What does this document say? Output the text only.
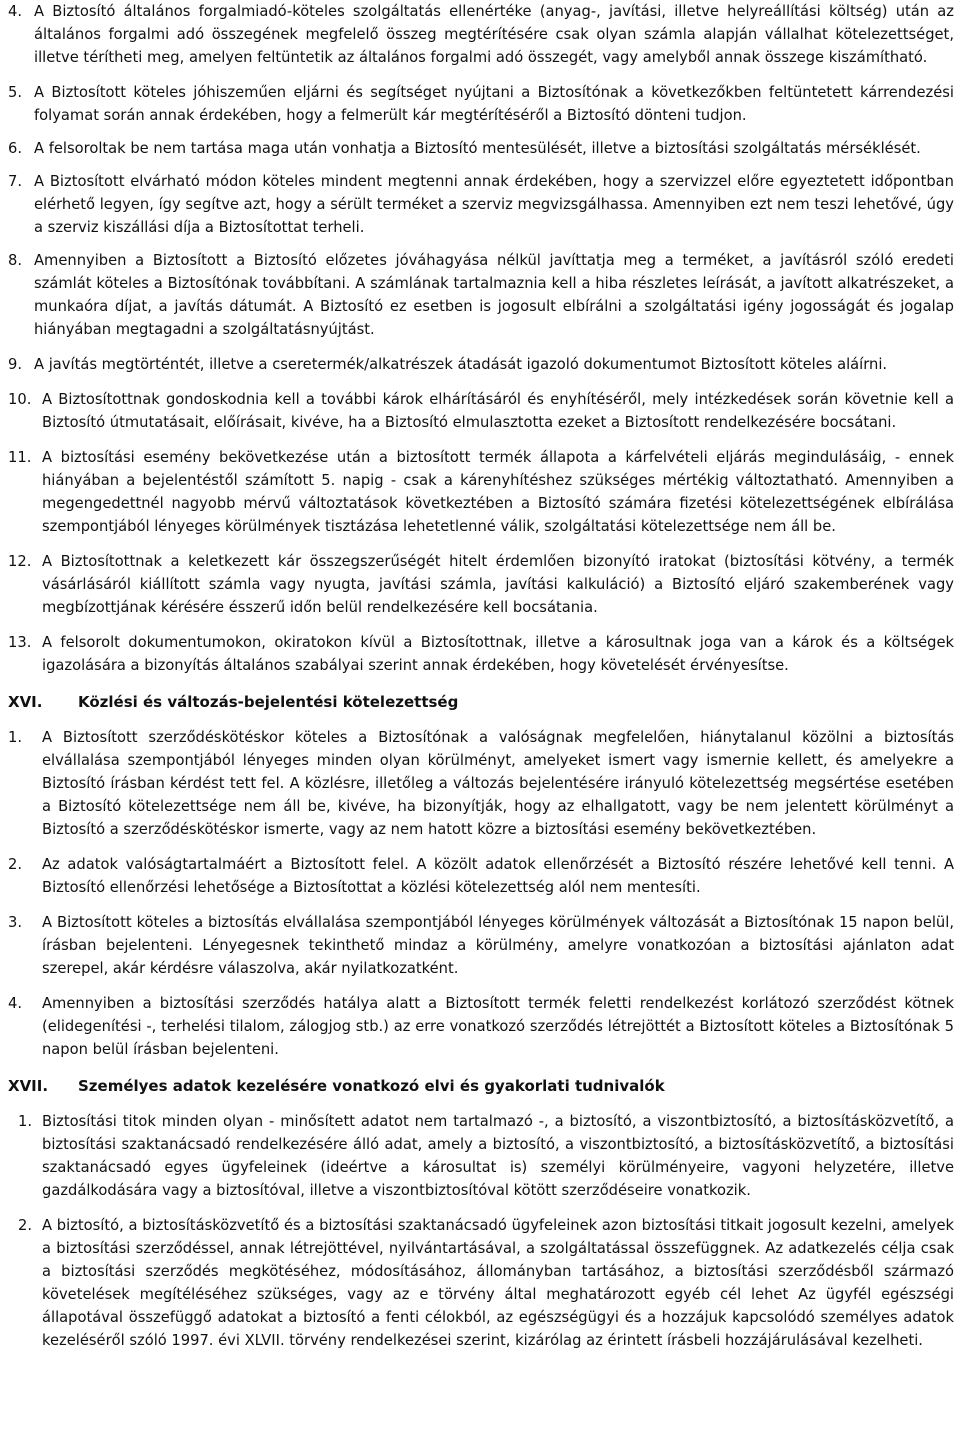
4. A Biztosító általános forgalmiadó-köteles szolgáltatás ellenértéke (anyag-, javítási, illetve helyreállítási költség) után az általános forgalmi adó összegének megfelelő összeg megtérítésére csak olyan számla alapján vállalhat kötelezettséget, illetve térítheti meg, amelyen feltüntetik az általános forgalmi adó összegét, vagy amelyből annak összege kiszámítható.
5. A Biztosított köteles jóhiszeműen eljárni és segítséget nyújtani a Biztosítónak a következőkben feltüntetett kárrendezési folyamat során annak érdekében, hogy a felmerült kár megtérítéséről a Biztosító dönteni tudjon.
6. A felsoroltak be nem tartása maga után vonhatja a Biztosító mentesülését, illetve a biztosítási szolgáltatás mérséklését.
7. A Biztosított elvárható módon köteles mindent megtenni annak érdekében, hogy a szervizzel előre egyeztetett időpontban elérhető legyen, így segítve azt, hogy a sérült terméket a szerviz megvizsgálhassa. Amennyiben ezt nem teszi lehetővé, úgy a szerviz kiszállási díja a Biztosítottat terheli.
8. Amennyiben a Biztosított a Biztosító előzetes jóváhagyása nélkül javíttatja meg a terméket, a javításról szóló eredeti számlát köteles a Biztosítónak továbbítani. A számlának tartalmaznia kell a hiba részletes leírását, a javított alkatrészeket, a munkaóra díjat, a javítás dátumát. A Biztosító ez esetben is jogosult elbírálni a szolgáltatási igény jogosságát és jogalap hiányában megtagadni a szolgáltatásnyújtást.
9. A javítás megtörténtét, illetve a cseretermék/alkatrészek átadását igazoló dokumentumot Biztosított köteles aláírni.
10. A Biztosítottnak gondoskodnia kell a további károk elhárításáról és enyhítéséről, mely intézkedések során követnie kell a Biztosító útmutatásait, előírásait, kivéve, ha a Biztosító elmulasztotta ezeket a Biztosított rendelkezésére bocsátani.
11. A biztosítási esemény bekövetkezése után a biztosított termék állapota a kárfelvételi eljárás megindulásáig, - ennek hiányában a bejelentéstől számított 5. napig - csak a kárenyhítéshez szükséges mértékig változtatható. Amennyiben a megengedettnél nagyobb mérvű változtatások következtében a Biztosító számára fizetési kötelezettségének elbírálása szempontjából lényeges körülmények tisztázása lehetetlenné válik, szolgáltatási kötelezettsége nem áll be.
12. A Biztosítottnak a keletkezett kár összegszerűségét hitelt érdemlően bizonyító iratokat (biztosítási kötvény, a termék vásárlásáról kiállított számla vagy nyugta, javítási számla, javítási kalkuláció) a Biztosító eljáró szakemberének vagy megbízottjának kérésére ésszerű időn belül rendelkezésére kell bocsátania.
13. A felsorolt dokumentumokon, okiratokon kívül a Biztosítottnak, illetve a károsultnak joga van a károk és a költségek igazolására a bizonyítás általános szabályai szerint annak érdekében, hogy követelését érvényesítse.
XVI.	Közlési és változás-bejelentési kötelezettség
1.	A Biztosított szerződéskötéskor köteles a Biztosítónak a valóságnak megfelelően, hiánytalanul közölni a biztosítás elvállalása szempontjából lényeges minden olyan körülményt, amelyeket ismert vagy ismernie kellett, és amelyekre a Biztosító írásban kérdést tett fel. A közlésre, illetőleg a változás bejelentésére irányuló kötelezettség megsértése esetében a Biztosító kötelezettsége nem áll be, kivéve, ha bizonyítják, hogy az elhallgatott, vagy be nem jelentett körülményt a Biztosító a szerződéskötéskor ismerte, vagy az nem hatott közre a biztosítási esemény bekövetkeztében.
2.	Az adatok valóságtartalmáért a Biztosított felel. A közölt adatok ellenőrzését a Biztosító részére lehetővé kell tenni. A Biztosító ellenőrzési lehetősége a Biztosítottat a közlési kötelezettség alól nem mentesíti.
3.	A Biztosított köteles a biztosítás elvállalása szempontjából lényeges körülmények változását a Biztosítónak 15 napon belül, írásban bejelenteni. Lényegesnek tekinthető mindaz a körülmény, amelyre vonatkozóan a biztosítási ajánlaton adat szerepel, akár kérdésre válaszolva, akár nyilatkozatként.
4.	Amennyiben a biztosítási szerződés hatálya alatt a Biztosított termék feletti rendelkezést korlátozó szerződést kötnek (elidegenítési -, terhelési tilalom, zálogjog stb.) az erre vonatkozó szerződés létrejöttét a Biztosított köteles a Biztosítónak 5 napon belül írásban bejelenteni.
XVII.	Személyes adatok kezelésére vonatkozó elvi és gyakorlati tudnivalók
1. Biztosítási titok minden olyan - minősített adatot nem tartalmazó -, a biztosító, a viszontbiztosító, a biztosításközvetítő, a biztosítási szaktanácsadó rendelkezésére álló adat, amely a biztosító, a viszontbiztosító, a biztosításközvetítő, a biztosítási szaktanácsadó egyes ügyfeleinek (ideértve a károsultat is) személyi körülményeire, vagyoni helyzetére, illetve gazdálkodására vagy a biztosítóval, illetve a viszontbiztosítóval kötött szerződéseire vonatkozik.
2. A biztosító, a biztosításközvetítő és a biztosítási szaktanácsadó ügyfeleinek azon biztosítási titkait jogosult kezelni, amelyek a biztosítási szerződéssel, annak létrejöttével, nyilvántartásával, a szolgáltatással összefüggnek. Az adatkezelés célja csak a biztosítási szerződés megkötéséhez, módosításához, állományban tartásához, a biztosítási szerződésből származó követelések megítéléséhez szükséges, vagy az e törvény által meghatározott egyéb cél lehet Az ügyfél egészségi állapotával összefüggő adatokat a biztosító a fenti célokból, az egészségügyi és a hozzájuk kapcsolódó személyes adatok kezeléséről szóló 1997. évi XLVII. törvény rendelkezései szerint, kizárólag az érintett írásbeli hozzájárulásával kezelheti.
